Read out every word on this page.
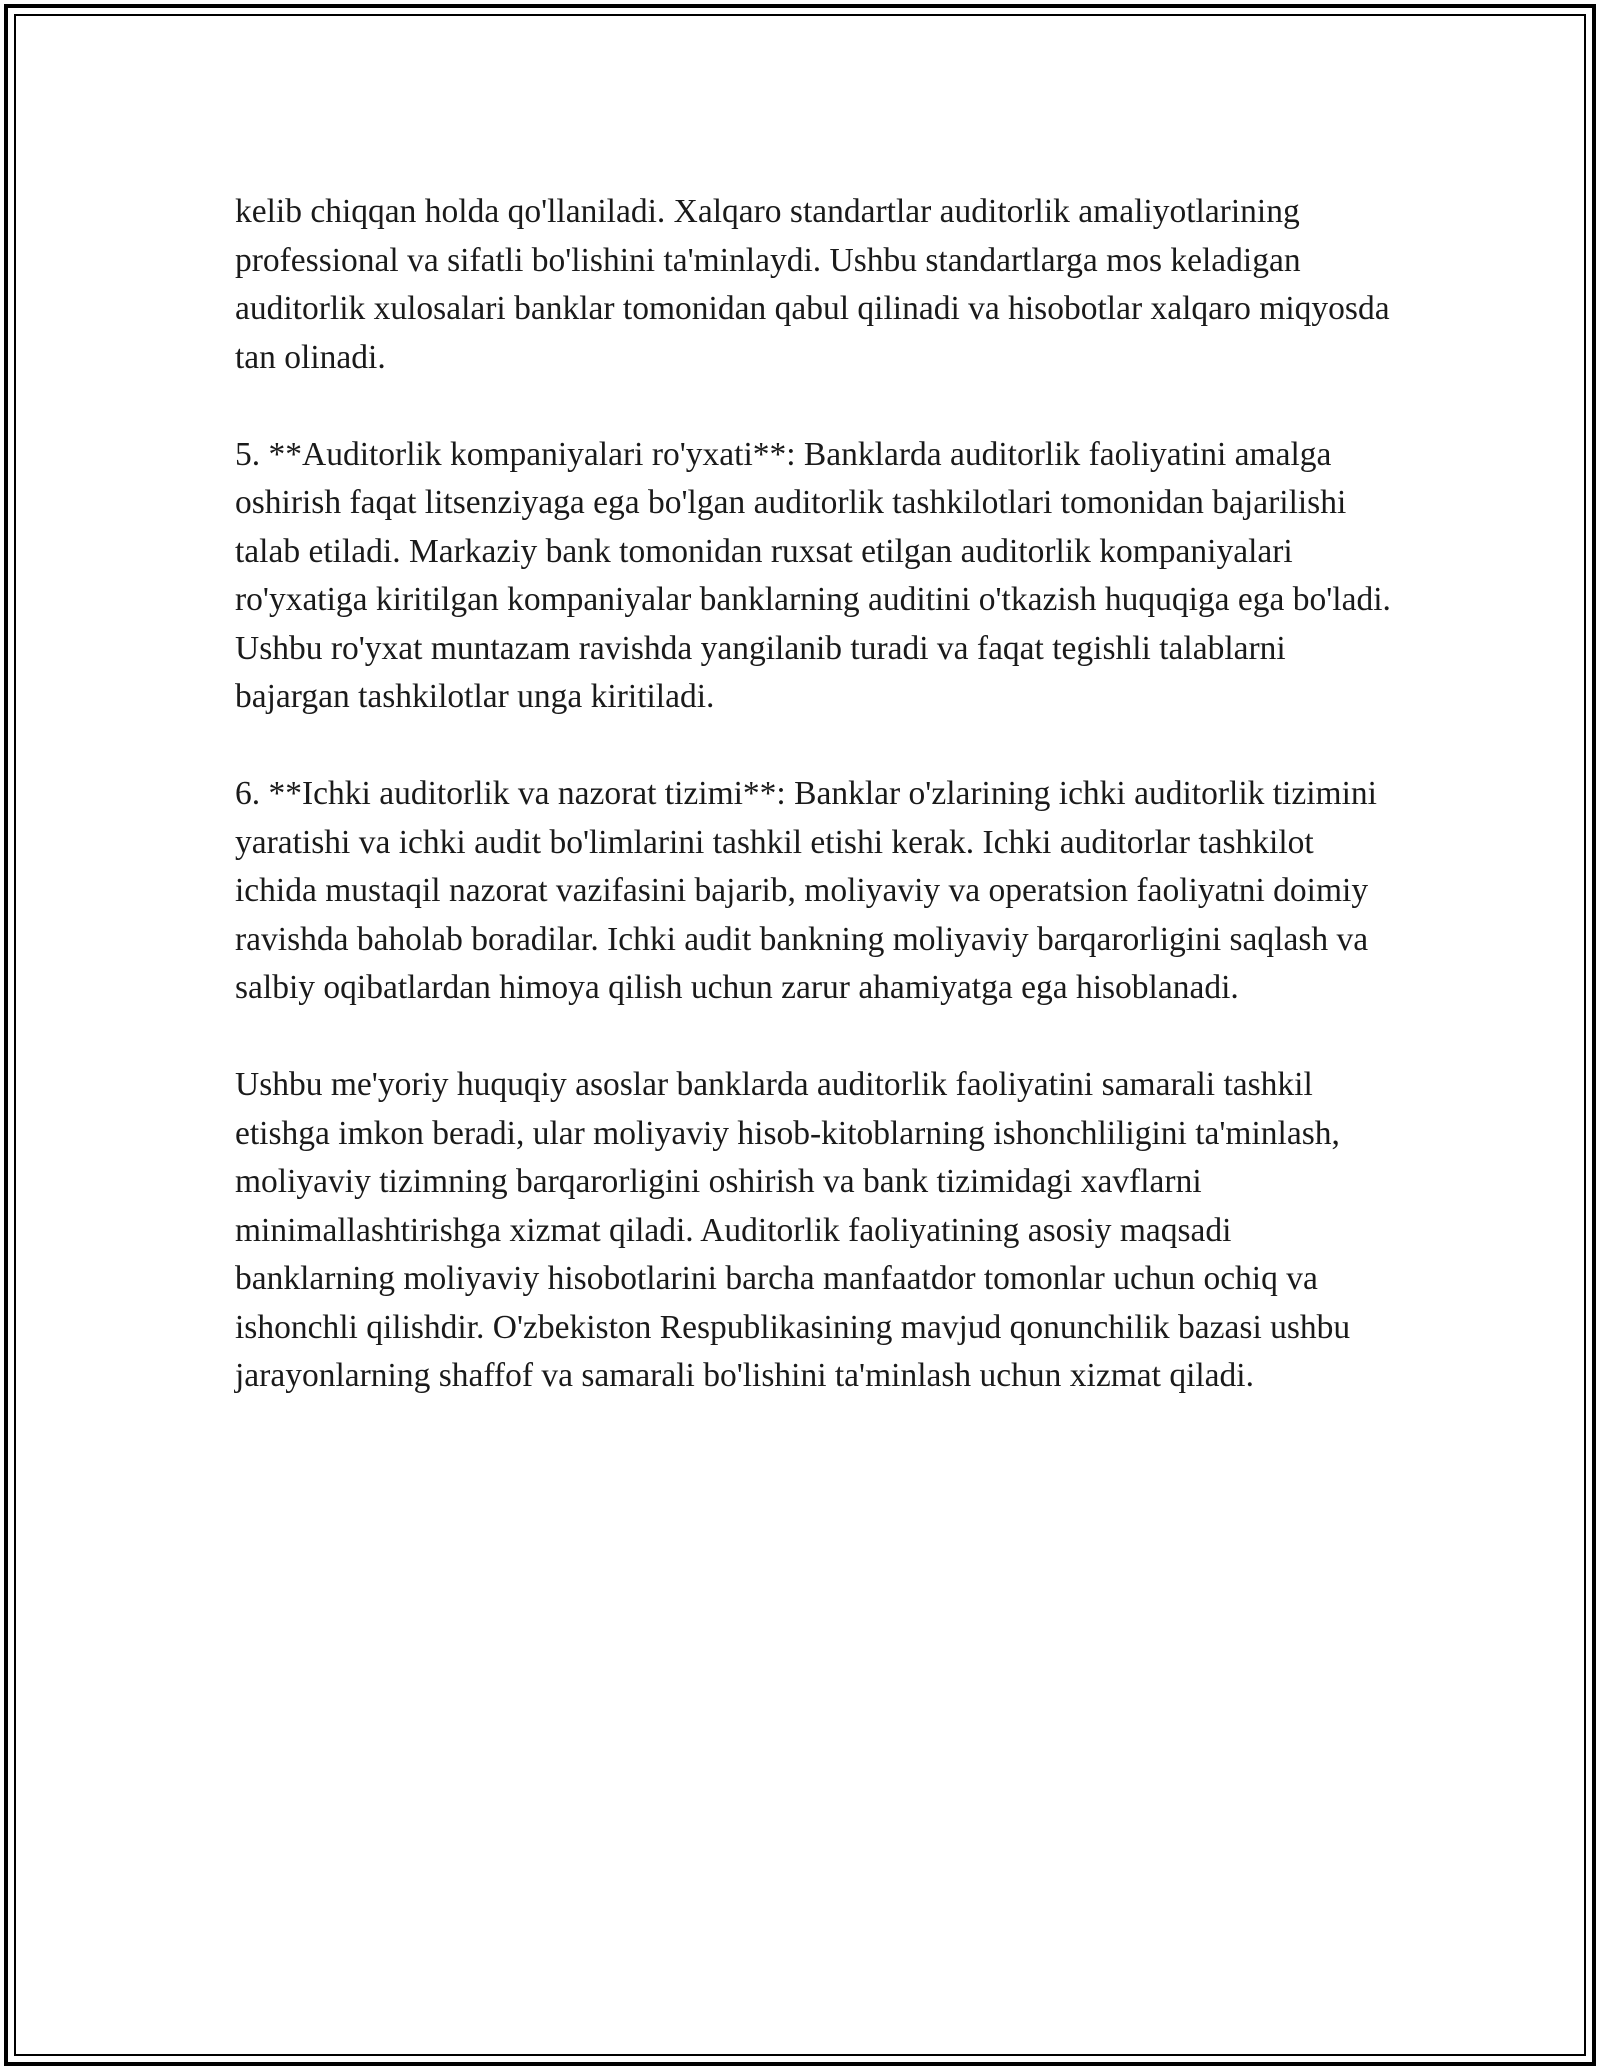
kelib chiqqan holda qo'llaniladi. Xalqaro standartlar auditorlik amaliyotlarining professional va sifatli bo'lishini ta'minlaydi. Ushbu standartlarga mos keladigan auditorlik xulosalari banklar tomonidan qabul qilinadi va hisobotlar xalqaro miqyosda tan olinadi.

5. **Auditorlik kompaniyalari ro'yxati**: Banklarda auditorlik faoliyatini amalga oshirish faqat litsenziyaga ega bo'lgan auditorlik tashkilotlari tomonidan bajarilishi talab etiladi. Markaziy bank tomonidan ruxsat etilgan auditorlik kompaniyalari ro'yxatiga kiritilgan kompaniyalar banklarning auditini o'tkazish huquqiga ega bo'ladi. Ushbu ro'yxat muntazam ravishda yangilanib turadi va faqat tegishli talablarni bajargan tashkilotlar unga kiritiladi.

6. **Ichki auditorlik va nazorat tizimi**: Banklar o'zlarining ichki auditorlik tizimini yaratishi va ichki audit bo'limlarini tashkil etishi kerak. Ichki auditorlar tashkilot ichida mustaqil nazorat vazifasini bajarib, moliyaviy va operatsion faoliyatni doimiy ravishda baholab boradilar. Ichki audit bankning moliyaviy barqarorligini saqlash va salbiy oqibatlardan himoya qilish uchun zarur ahamiyatga ega hisoblanadi.

Ushbu me'yoriy huquqiy asoslar banklarda auditorlik faoliyatini samarali tashkil etishga imkon beradi, ular moliyaviy hisob-kitoblarning ishonchliligini ta'minlash, moliyaviy tizimning barqarorligini oshirish va bank tizimidagi xavflarni minimallashtirishga xizmat qiladi. Auditorlik faoliyatining asosiy maqsadi banklarning moliyaviy hisobotlarini barcha manfaatdor tomonlar uchun ochiq va ishonchli qilishdir. O'zbekiston Respublikasining mavjud qonunchilik bazasi ushbu jarayonlarning shaffof va samarali bo'lishini ta'minlash uchun xizmat qiladi.
